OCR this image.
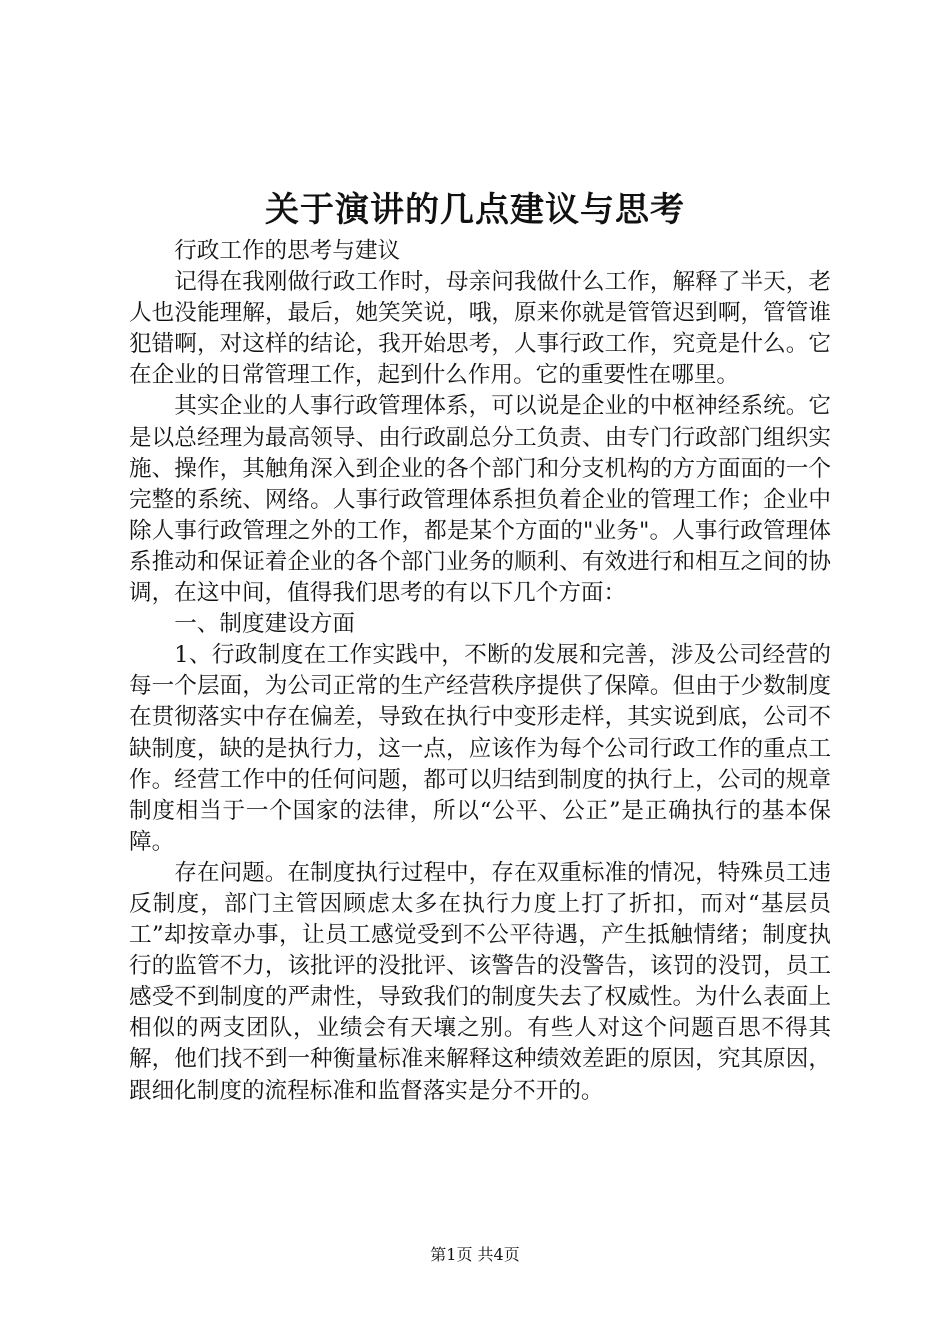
关于演讲的几点建议与思考

行政工作的思考与建议

记得在我刚做行政工作时，母亲问我做什么工作，解释了半天，老人也没能理解，最后，她笑笑说，哦，原来你就是管管迟到啊，管管谁犯错啊，对这样的结论，我开始思考，人事行政工作，究竟是什么。它在企业的日常管理工作，起到什么作用。它的重要性在哪里。

其实企业的人事行政管理体系，可以说是企业的中枢神经系统。它是以总经理为最高领导、由行政副总分工负责、由专门行政部门组织实施、操作，其触角深入到企业的各个部门和分支机构的方方面面的一个完整的系统、网络。人事行政管理体系担负着企业的管理工作；企业中除人事行政管理之外的工作，都是某个方面的"业务"。人事行政管理体系推动和保证着企业的各个部门业务的顺利、有效进行和相互之间的协调，在这中间，值得我们思考的有以下几个方面：

一、制度建设方面

1、行政制度在工作实践中，不断的发展和完善，涉及公司经营的每一个层面，为公司正常的生产经营秩序提供了保障。但由于少数制度在贯彻落实中存在偏差，导致在执行中变形走样，其实说到底，公司不缺制度，缺的是执行力，这一点，应该作为每个公司行政工作的重点工作。经营工作中的任何问题，都可以归结到制度的执行上，公司的规章制度相当于一个国家的法律，所以“公平、公正”是正确执行的基本保障。

存在问题。在制度执行过程中，存在双重标准的情况，特殊员工违反制度，部门主管因顾虑太多在执行力度上打了折扣，而对“基层员工”却按章办事，让员工感觉受到不公平待遇，产生抵触情绪；制度执行的监管不力，该批评的没批评、该警告的没警告，该罚的没罚，员工感受不到制度的严肃性，导致我们的制度失去了权威性。为什么表面上相似的两支团队，业绩会有天壤之别。有些人对这个问题百思不得其解，他们找不到一种衡量标准来解释这种绩效差距的原因，究其原因，跟细化制度的流程标准和监督落实是分不开的。

第1页 共4页
